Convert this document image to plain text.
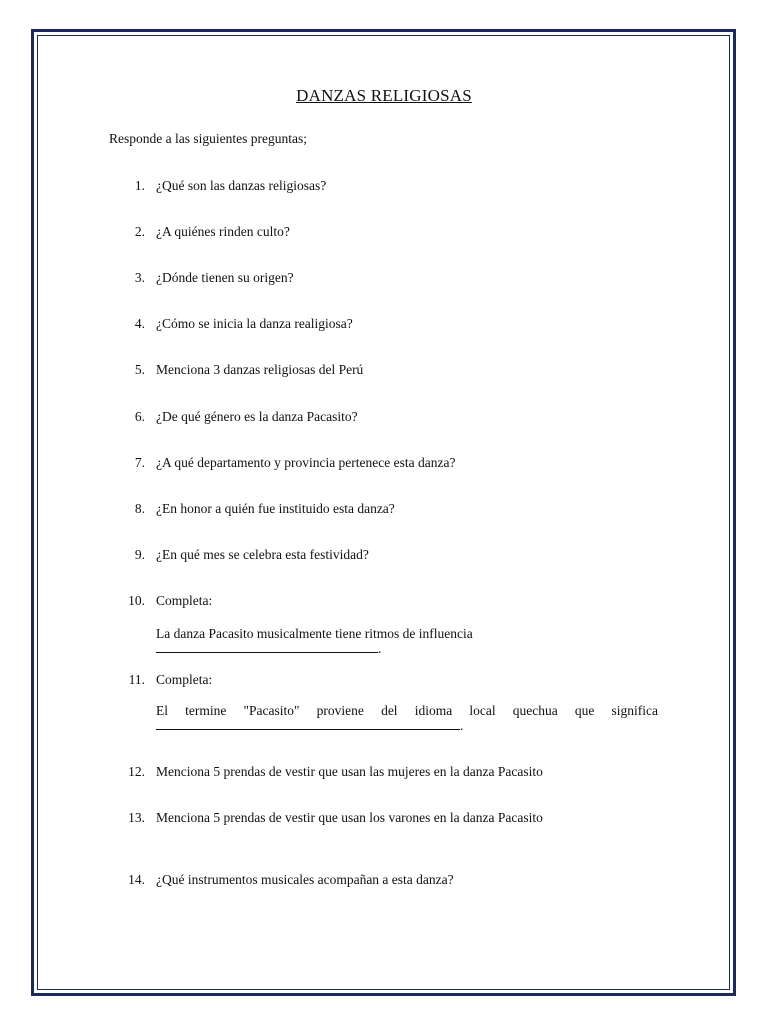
DANZAS RELIGIOSAS
Responde a las siguientes preguntas;
1. ¿Qué son las danzas religiosas?
2. ¿A quiénes rinden culto?
3. ¿Dónde tienen su origen?
4. ¿Cómo se inicia la danza realigiosa?
5. Menciona 3 danzas religiosas del Perú
6. ¿De qué género es la danza Pacasito?
7. ¿A qué departamento y provincia pertenece esta danza?
8. ¿En honor a quién fue instituido esta danza?
9. ¿En qué mes se celebra esta festividad?
10. Completa:
La danza Pacasito musicalmente tiene ritmos de influencia
.
11. Completa:
El termine "Pacasito" proviene del idioma local quechua que significa
.
12. Menciona 5 prendas de vestir que usan las mujeres en la danza Pacasito
13. Menciona 5 prendas de vestir que usan los varones en la danza Pacasito
14. ¿Qué instrumentos musicales acompañan a esta danza?
